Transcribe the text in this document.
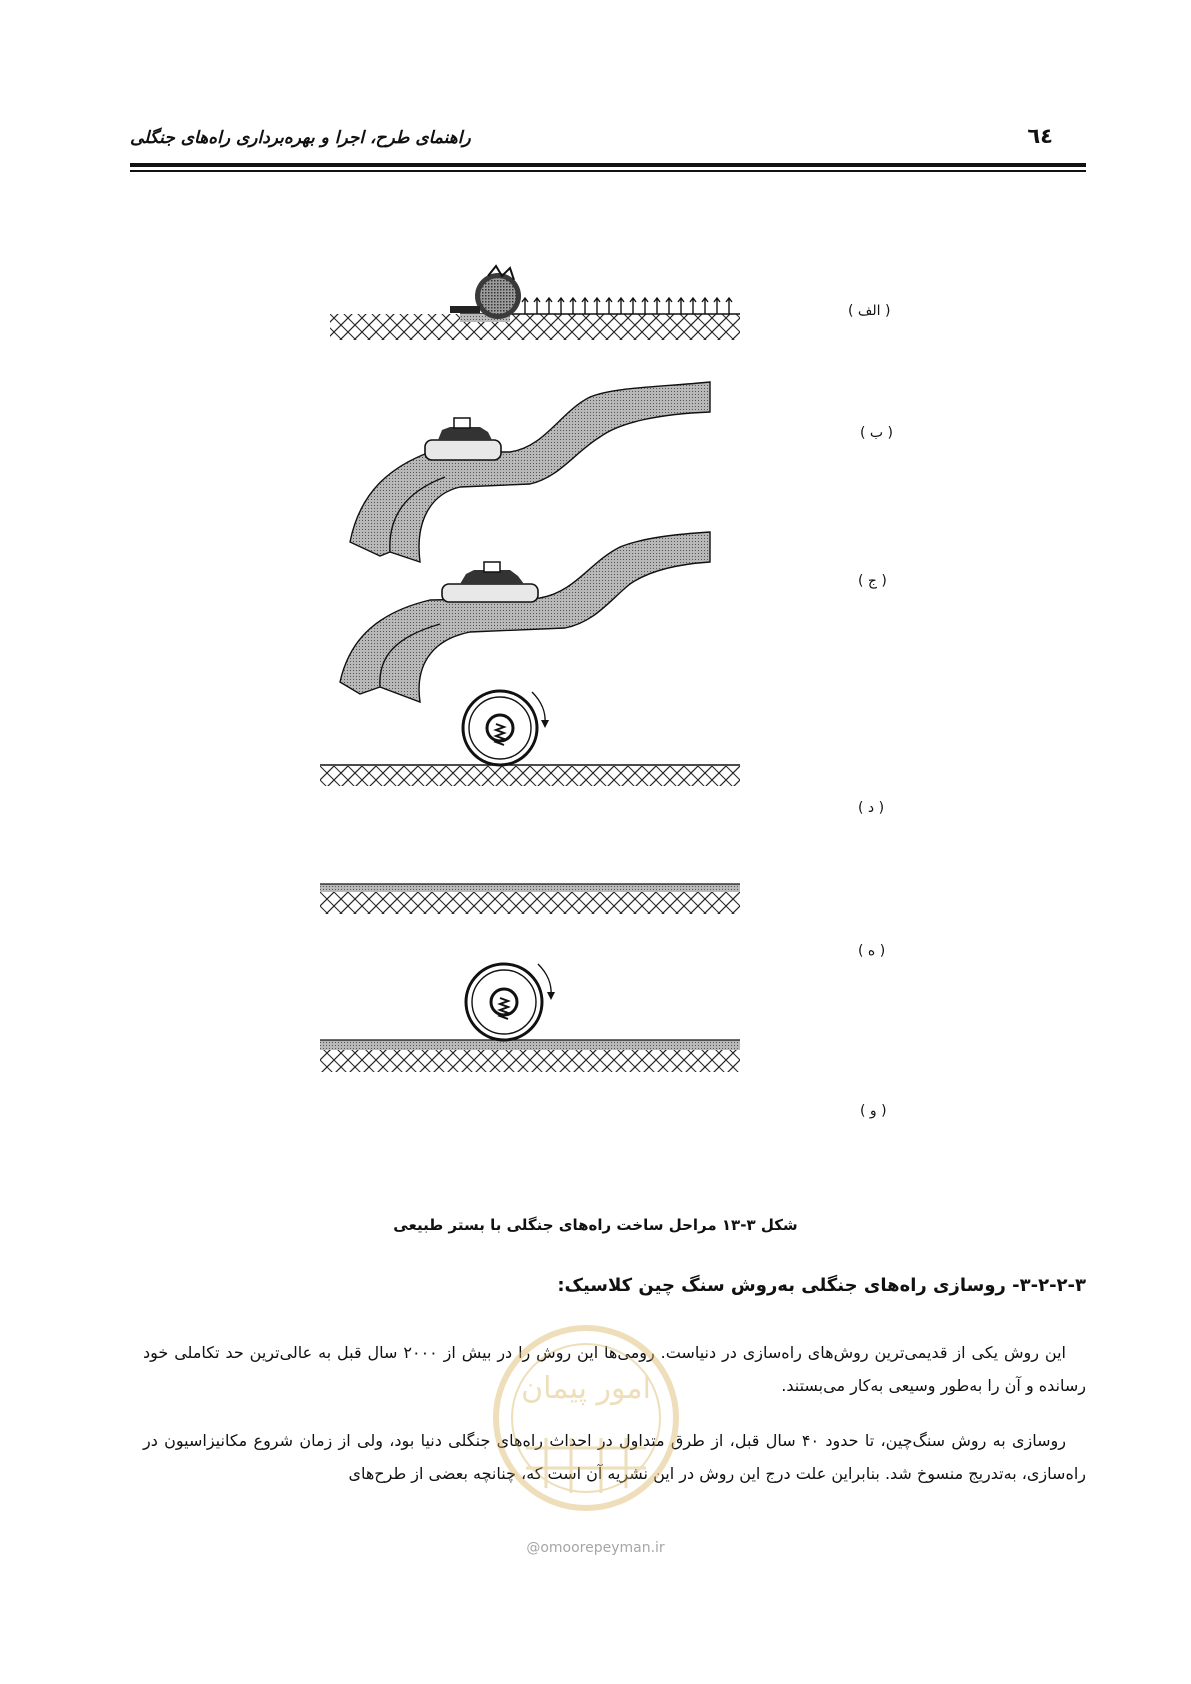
راهنمای طرح، اجرا و بهره‌برداری راه‌های جنگلی	٦٤
( الف )
( ب )
( ج )
( د )
( ه )
( و )
شکل ۳-۱۳ مراحل ساخت راه‌های جنگلی با بستر طبیعی
۳-۲-۲-۳- روسازی راه‌های جنگلی به‌روش سنگ چین کلاسیک:

این روش یکی از قدیمی‌ترین روش‌های راه‌سازی در دنیاست. رومی‌ها این روش را در بیش از ۲۰۰۰ سال قبل به عالی‌ترین حد تکاملی خود رسانده و آن را به‌طور وسیعی به‌کار می‌بستند.

روسازی به روش سنگ‌چین، تا حدود ۴۰ سال قبل، از طرق متداول در احداث راه‌های جنگلی دنیا بود، ولی از زمان شروع مکانیزاسیون در راه‌سازی، به‌تدریج منسوخ شد. بنابراین علت درج این روش در این نشریه آن است که، چنانچه بعضی از طرح‌های

امور پیمان
@omoorepeyman.ir
